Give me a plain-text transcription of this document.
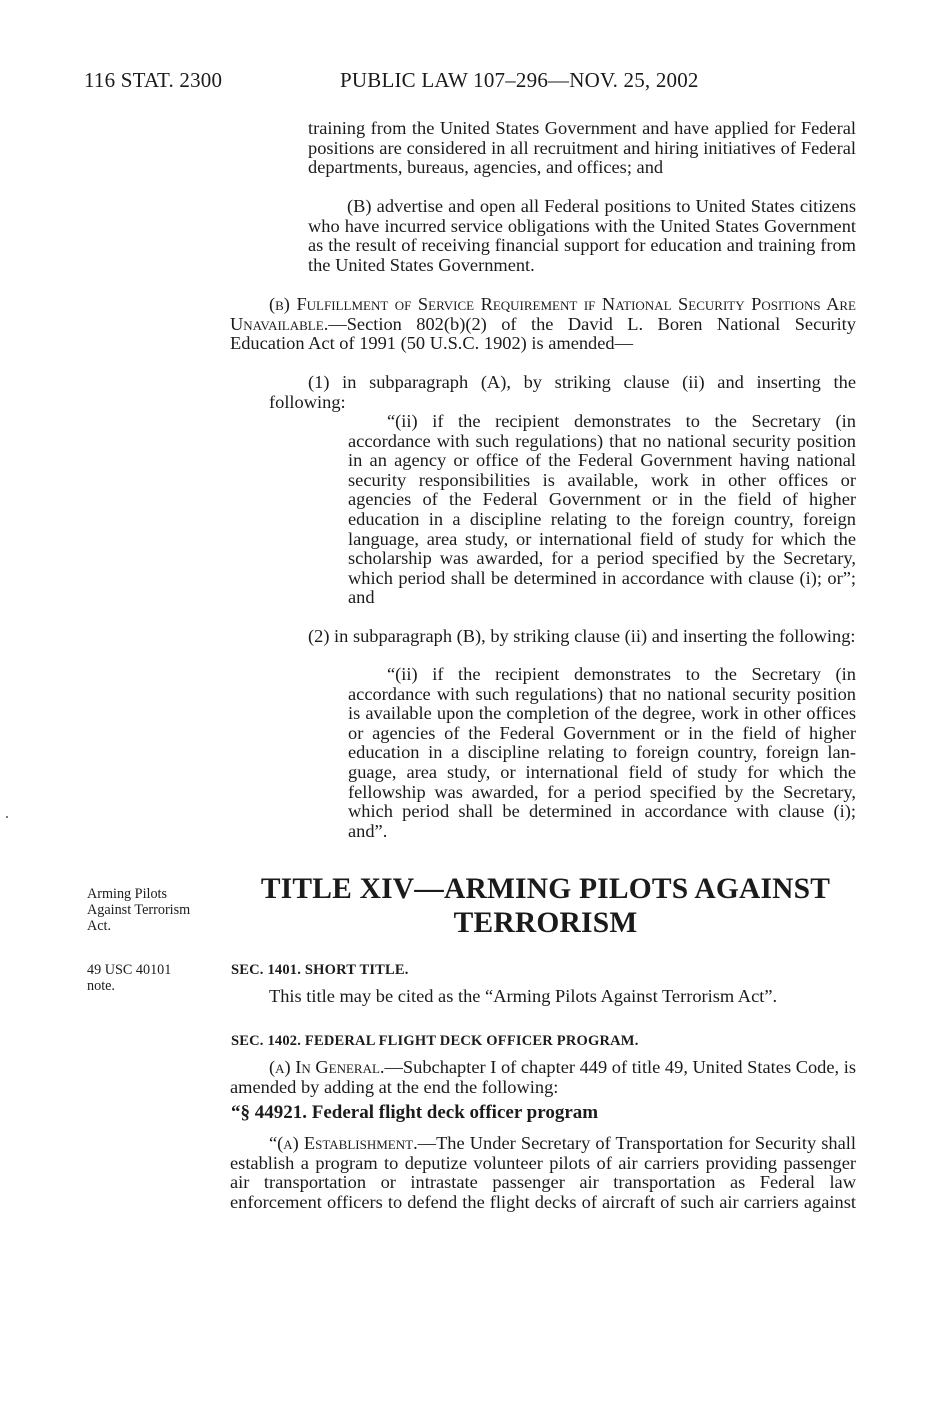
116 STAT. 2300	PUBLIC LAW 107–296—NOV. 25, 2002

training from the United States Government and have applied for Federal positions are considered in all recruitment and hiring initiatives of Federal departments, bureaus, agencies, and offices; and

(B) advertise and open all Federal positions to United States citizens who have incurred service obligations with the United States Government as the result of receiving financial support for education and training from the United States Government.

(b) Fulfillment of Service Requirement if National Security Positions Are Unavailable.—Section 802(b)(2) of the David L. Boren National Security Education Act of 1991 (50 U.S.C. 1902) is amended—

(1) in subparagraph (A), by striking clause (ii) and inserting the following:

“(ii) if the recipient demonstrates to the Secretary (in accordance with such regulations) that no national security position in an agency or office of the Federal Government having national security responsibilities is available, work in other offices or agencies of the Federal Government or in the field of higher education in a discipline relating to the foreign country, foreign language, area study, or international field of study for which the scholarship was awarded, for a period specified by the Secretary, which period shall be determined in accordance with clause (i); or”; and

(2) in subparagraph (B), by striking clause (ii) and inserting the following:

“(ii) if the recipient demonstrates to the Secretary (in accordance with such regulations) that no national security position is available upon the completion of the degree, work in other offices or agencies of the Federal Government or in the field of higher education in a discipline relating to foreign country, foreign language, area study, or international field of study for which the fellowship was awarded, for a period specified by the Secretary, which period shall be determined in accordance with clause (i); and”.

Arming Pilots Against Terrorism Act.
49 USC 40101 note.
TITLE XIV—ARMING PILOTS AGAINST
TERRORISM
SEC. 1401. SHORT TITLE.

This title may be cited as the “Arming Pilots Against Terrorism Act”.

SEC. 1402. FEDERAL FLIGHT DECK OFFICER PROGRAM.

(a) In General.—Subchapter I of chapter 449 of title 49, United States Code, is amended by adding at the end the following:

“§ 44921. Federal flight deck officer program

“(a) Establishment.—The Under Secretary of Transportation for Security shall establish a program to deputize volunteer pilots of air carriers providing passenger air transportation or intrastate passenger air transportation as Federal law enforcement officers to defend the flight decks of aircraft of such air carriers against
